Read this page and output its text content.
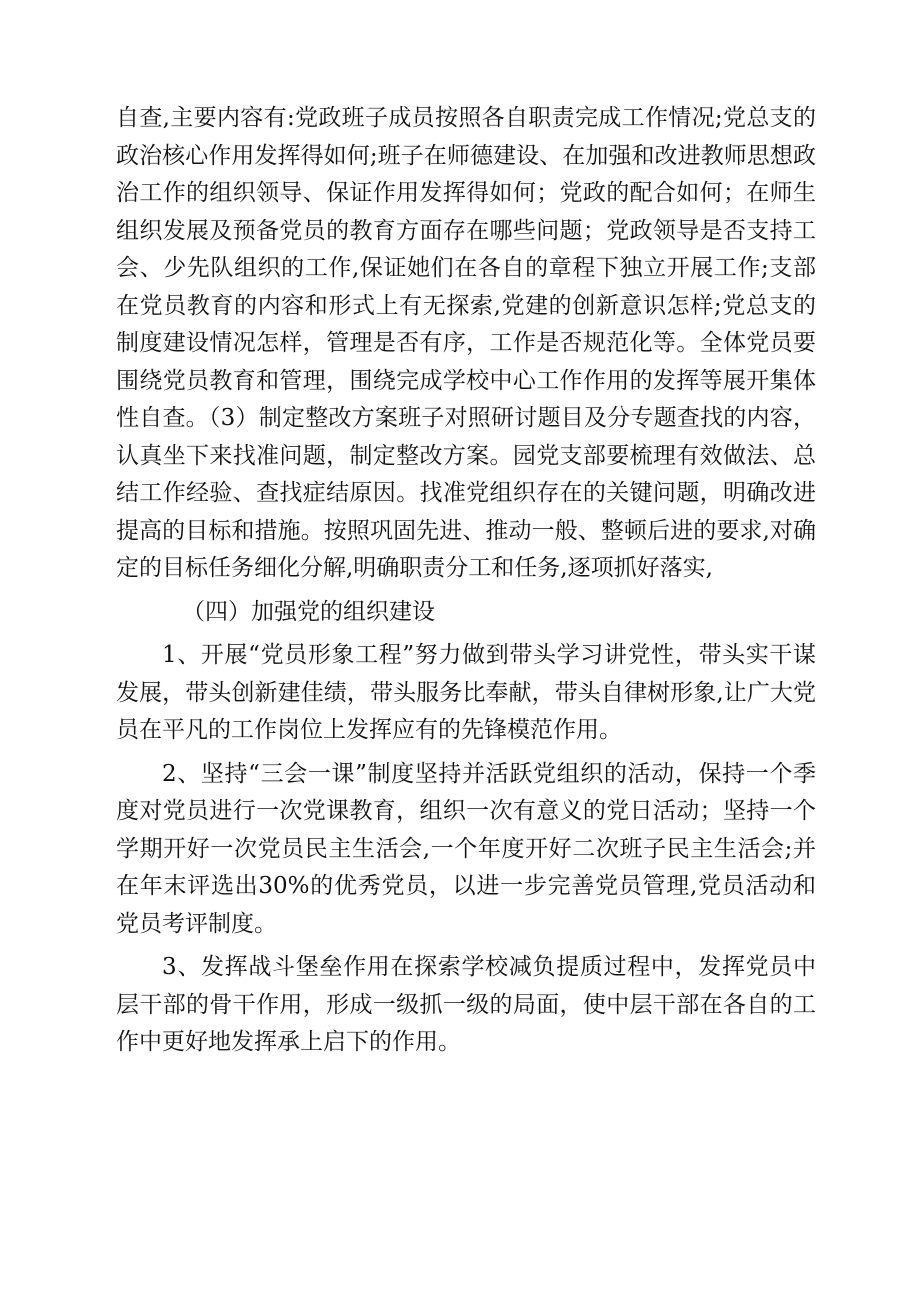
自查,主要内容有:党政班子成员按照各自职责完成工作情况;党总支的政治核心作用发挥得如何;班子在师德建设、在加强和改进教师思想政治工作的组织领导、保证作用发挥得如何；党政的配合如何；在师生组织发展及预备党员的教育方面存在哪些问题；党政领导是否支持工会、少先队组织的工作,保证她们在各自的章程下独立开展工作;支部在党员教育的内容和形式上有无探索,党建的创新意识怎样;党总支的制度建设情况怎样，管理是否有序，工作是否规范化等。全体党员要围绕党员教育和管理，围绕完成学校中心工作作用的发挥等展开集体性自查。（3）制定整改方案班子对照研讨题目及分专题查找的内容，认真坐下来找准问题，制定整改方案。园党支部要梳理有效做法、总结工作经验、查找症结原因。找准党组织存在的关键问题，明确改进提高的目标和措施。按照巩固先进、推动一般、整顿后进的要求,对确定的目标任务细化分解,明确职责分工和任务,逐项抓好落实,

（四）加强党的组织建设

1、开展“党员形象工程”努力做到带头学习讲党性，带头实干谋发展，带头创新建佳绩，带头服务比奉献，带头自律树形象,让广大党员在平凡的工作岗位上发挥应有的先锋模范作用。

2、坚持“三会一课”制度坚持并活跃党组织的活动，保持一个季度对党员进行一次党课教育，组织一次有意义的党日活动；坚持一个学期开好一次党员民主生活会,一个年度开好二次班子民主生活会;并在年末评选出30%的优秀党员，以进一步完善党员管理,党员活动和党员考评制度。

3、发挥战斗堡垒作用在探索学校减负提质过程中，发挥党员中层干部的骨干作用，形成一级抓一级的局面，使中层干部在各自的工作中更好地发挥承上启下的作用。
